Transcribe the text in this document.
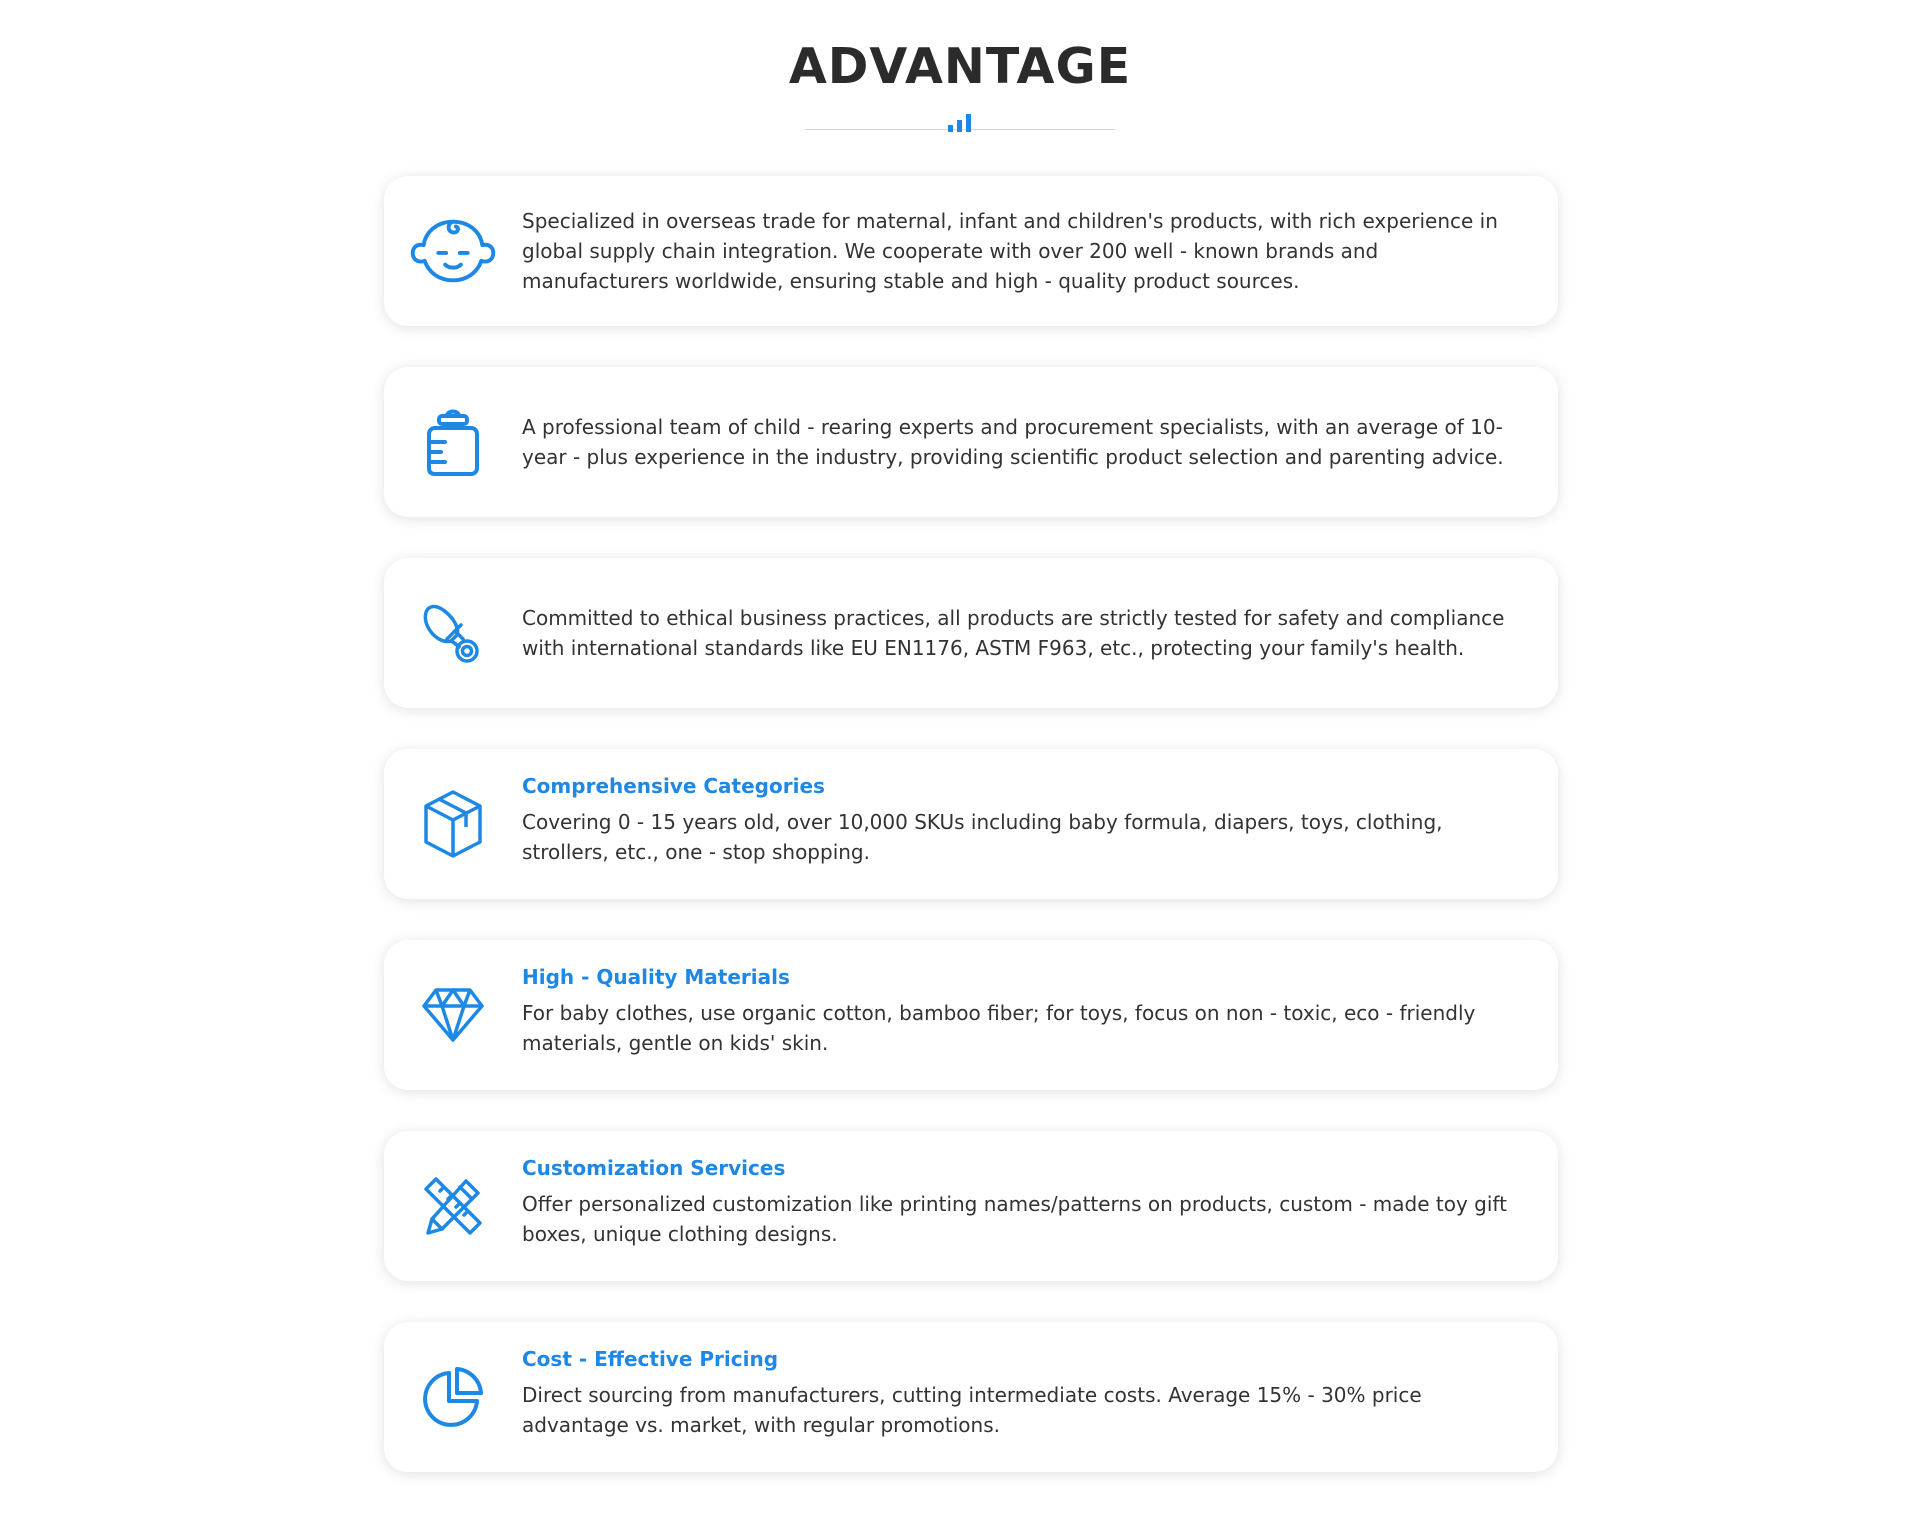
ADVANTAGE

Specialized in overseas trade for maternal, infant and children's products, with rich experience in global supply chain integration. We cooperate with over 200 well - known brands and manufacturers worldwide, ensuring stable and high - quality product sources.

A professional team of child - rearing experts and procurement specialists, with an average of 10- year - plus experience in the industry, providing scientific product selection and parenting advice.

Committed to ethical business practices, all products are strictly tested for safety and compliance with international standards like EU EN1176, ASTM F963, etc., protecting your family's health.

Comprehensive Categories

Covering 0 - 15 years old, over 10,000 SKUs including baby formula, diapers, toys, clothing, strollers, etc., one - stop shopping.

High - Quality Materials

For baby clothes, use organic cotton, bamboo fiber; for toys, focus on non - toxic, eco - friendly materials, gentle on kids' skin.

Customization Services

Offer personalized customization like printing names/patterns on products, custom - made toy gift boxes, unique clothing designs.

Cost - Effective Pricing

Direct sourcing from manufacturers, cutting intermediate costs. Average 15% - 30% price advantage vs. market, with regular promotions.
